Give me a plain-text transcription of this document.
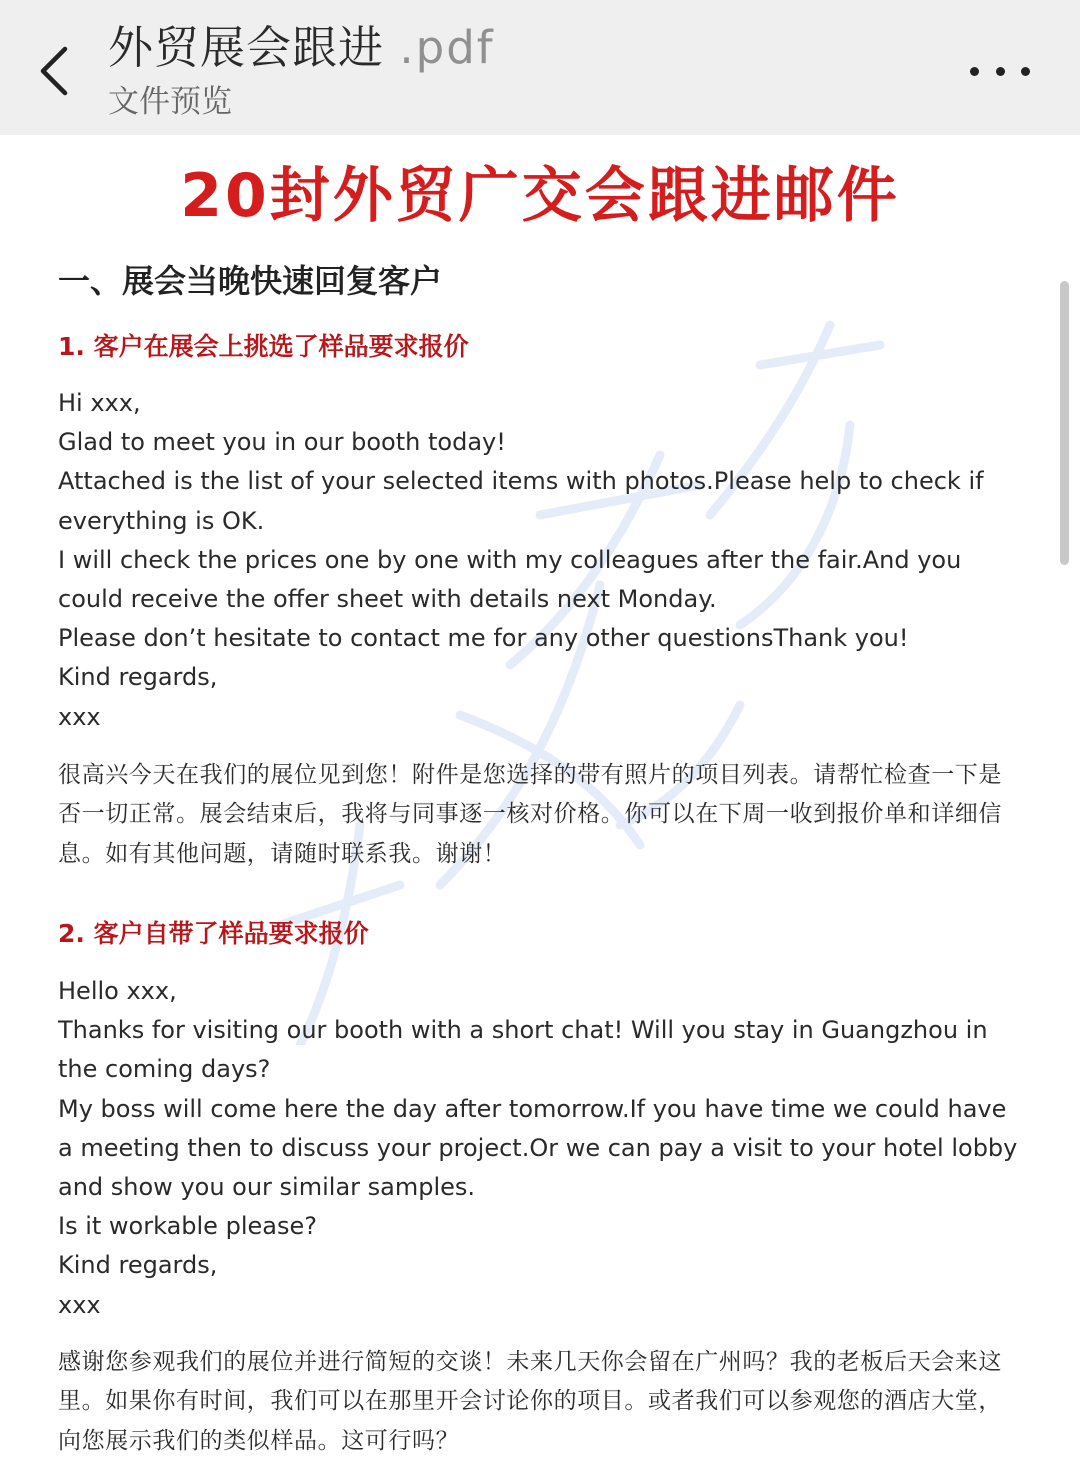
外贸展会跟进 .pdf
文件预览
20封外贸广交会跟进邮件
一、展会当晚快速回复客户
1. 客户在展会上挑选了样品要求报价

Hi xxx,

Glad to meet you in our booth today!

Attached is the list of your selected items with photos.Please help to check if everything is OK.

I will check the prices one by one with my colleagues after the fair.And you could receive the offer sheet with details next Monday.

Please don’t hesitate to contact me for any other questionsThank you!

Kind regards,

xxx

很高兴今天在我们的展位见到您！附件是您选择的带有照片的项目列表。请帮忙检查一下是否一切正常。展会结束后，我将与同事逐一核对价格。你可以在下周一收到报价单和详细信息。如有其他问题，请随时联系我。谢谢！
2. 客户自带了样品要求报价

Hello xxx,

Thanks for visiting our booth with a short chat! Will you stay in Guangzhou in the coming days?

My boss will come here the day after tomorrow.If you have time we could have a meeting then to discuss your project.Or we can pay a visit to your hotel lobby and show you our similar samples.

Is it workable please?

Kind regards,

xxx

感谢您参观我们的展位并进行简短的交谈！未来几天你会留在广州吗？我的老板后天会来这里。如果你有时间，我们可以在那里开会讨论你的项目。或者我们可以参观您的酒店大堂，向您展示我们的类似样品。这可行吗？
